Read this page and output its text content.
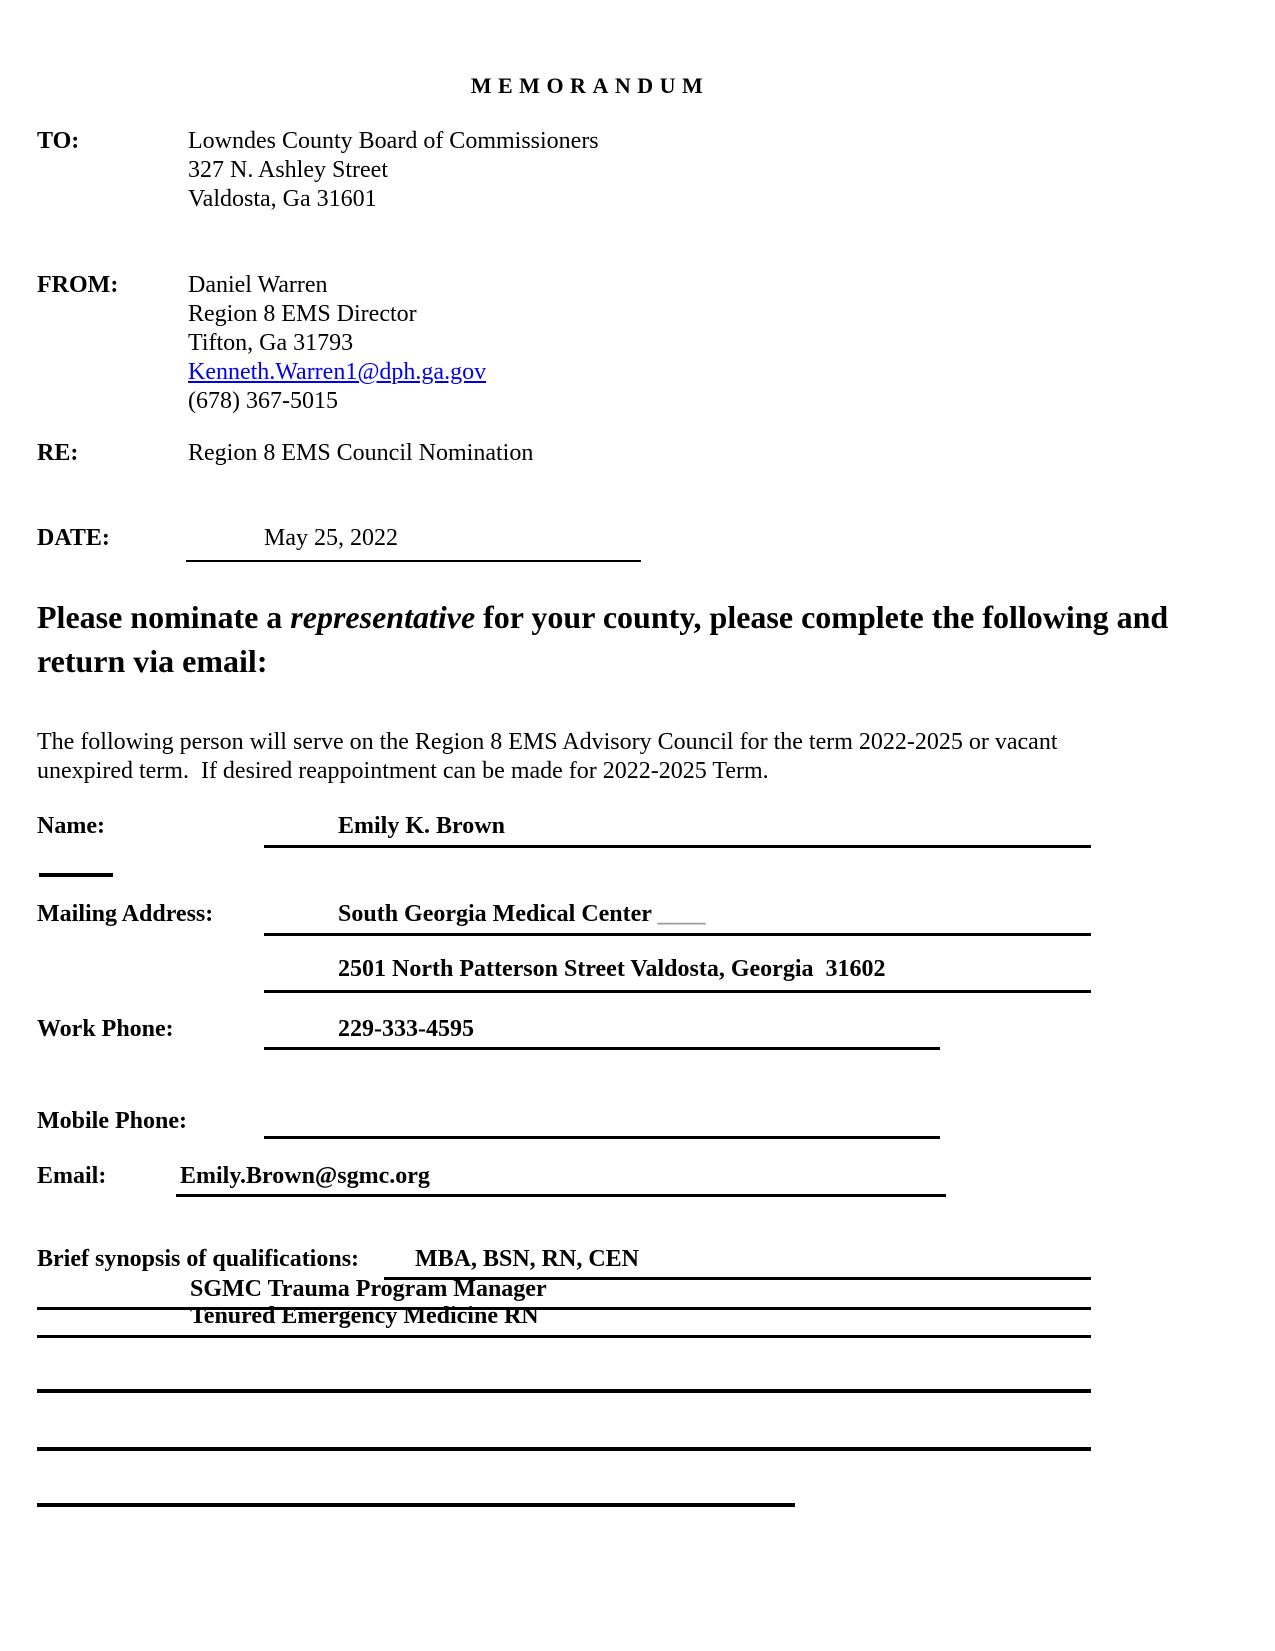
MEMORANDUM
TO:	Lowndes County Board of Commissioners
327 N. Ashley Street
Valdosta, Ga 31601
FROM:	Daniel Warren
Region 8 EMS Director
Tifton, Ga 31793
Kenneth.Warren1@dph.ga.gov
(678) 367-5015
RE:	Region 8 EMS Council Nomination
DATE:	May 25, 2022
Please nominate a representative for your county, please complete the following and return via email:
The following person will serve on the Region 8 EMS Advisory Council for the term 2022-2025 or vacant unexpired term.  If desired reappointment can be made for 2022-2025 Term.
Name:	Emily K. Brown
Mailing Address:	South Georgia Medical Center ____
2501 North Patterson Street Valdosta, Georgia  31602
Work Phone:	229-333-4595
Mobile Phone:
Email:	Emily.Brown@sgmc.org
Brief synopsis of qualifications:	MBA, BSN, RN, CEN
SGMC Trauma Program Manager
Tenured Emergency Medicine RN
